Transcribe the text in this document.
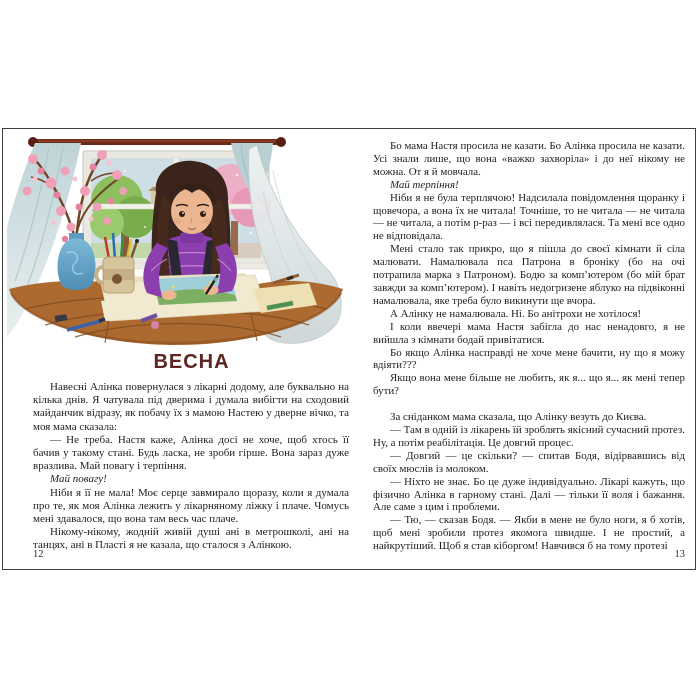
ВЕСНА

Навесні Алінка повернулася з лікарні додому, але буквально на кілька днів. Я чатувала під дверима і думала вибігти на сходовий майданчик відразу, як побачу їх з мамою Настею у дверне вічко, та моя мама сказала:

— Не треба. Настя каже, Алінка досі не хоче, щоб хтось її бачив у такому стані. Будь ласка, не зроби гірше. Вона зараз дуже вразлива. Май повагу і терпіння.

Май повагу!

Ніби я її не мала! Моє серце завмирало щоразу, коли я думала про те, як моя Алінка лежить у лікарняному ліжку і плаче. Чомусь мені здавалося, що вона там весь час плаче.

Нікому-нікому, жодній живій душі ані в метрошколі, ані на танцях, ані в Пласті я не казала, що сталося з Алінкою.

12

Бо мама Настя просила не казати. Бо Алінка просила не казати. Усі знали лише, що вона «важко захворіла» і до неї нікому не можна. От я й мовчала.

Май терпіння!

Ніби я не була терплячою! Надсилала повідомлення щоранку і щовечора, а вона їх не читала! Точніше, то не читала — не читала — не читала, а потім р-раз — і всі передивлялася. Та мені все одно не відповідала.

Мені стало так прикро, що я пішла до своєї кімнати й сіла малювати. Намалювала пса Патрона в броніку (бо на очі потрапила марка з Патроном). Бодю за комп’ютером (бо мій брат завжди за комп’ютером). І навіть недогризене яблуко на підвіконні намалювала, яке треба було викинути ще вчора.

А Алінку не намалювала. Ні. Бо анітрохи не хотілося!

І коли ввечері мама Настя забігла до нас ненадовго, я не вийшла з кімнати бодай привітатися.

Бо якщо Алінка насправді не хоче мене бачити, ну що я можу вдіяти???

Якщо вона мене більше не любить, як я... що я... як мені тепер бути?

За сніданком мама сказала, що Алінку везуть до Києва.

— Там в одній із лікарень їй зроблять якісний сучасний протез. Ну, а потім реабілітація. Це довгий процес.

— Довгий — це скільки? — спитав Бодя, відірвавшись від своїх мюслів із молоком.

— Ніхто не знає. Бо це дуже індивідуально. Лікарі кажуть, що фізично Алінка в гарному стані. Далі — тільки її воля і бажання. Але саме з цим і проблеми.

— Тю, — сказав Бодя. — Якби в мене не було ноги, я б хотів, щоб мені зробили протез якомога швидше. І не простий, а найкрутіший. Щоб я став кіборгом! Навчився б на тому протезі

13
